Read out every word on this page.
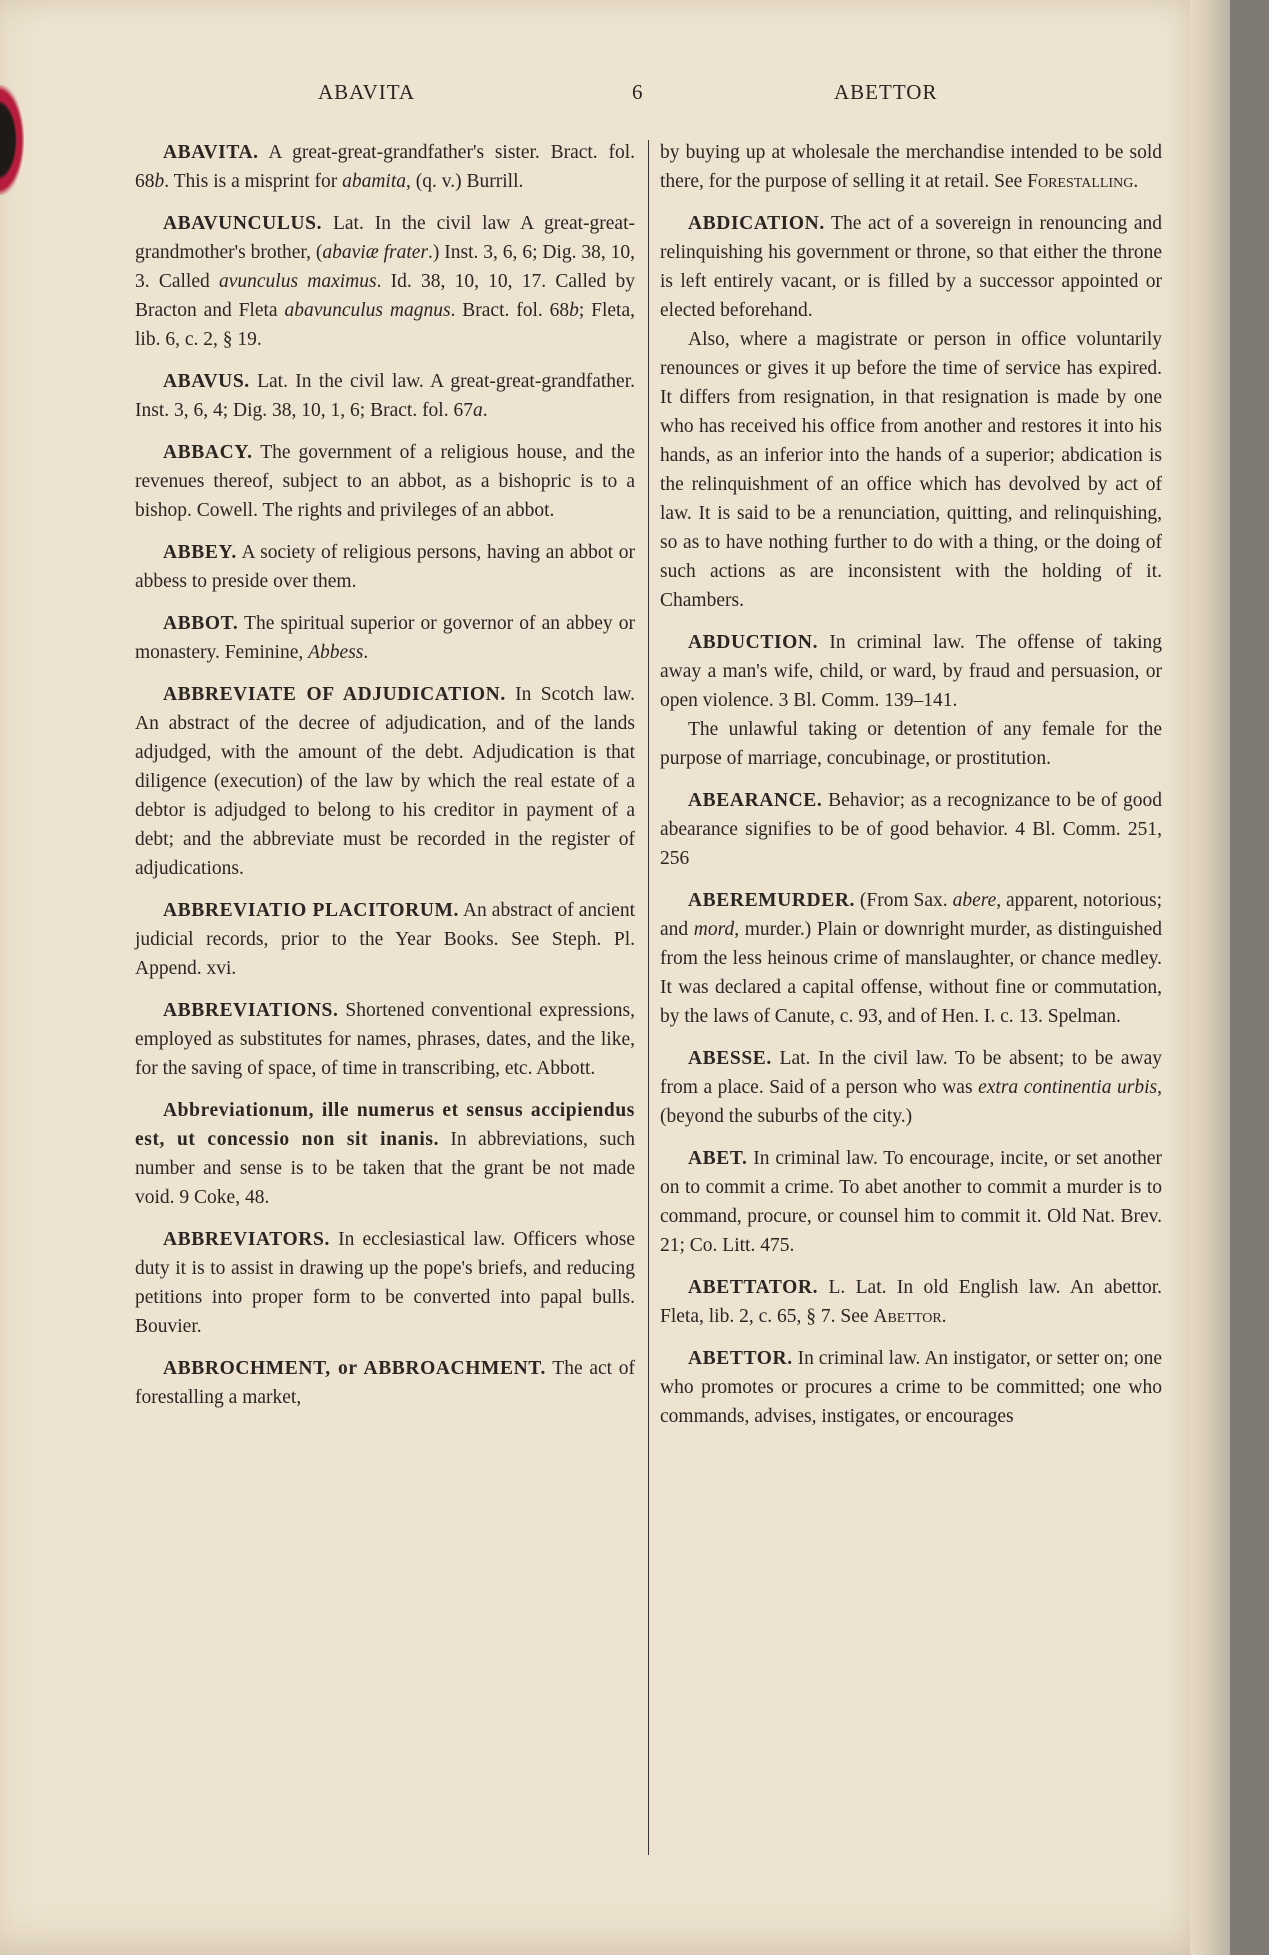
ABAVITA	6	ABETTOR

ABAVITA. A great-great-grandfather's sister. Bract. fol. 68b. This is a misprint for abamita, (q. v.) Burrill.

ABAVUNCULUS. Lat. In the civil law A great-great-grandmother's brother, (abaviæ frater.) Inst. 3, 6, 6; Dig. 38, 10, 3. Called avunculus maximus. Id. 38, 10, 10, 17. Called by Bracton and Fleta abavunculus magnus. Bract. fol. 68b; Fleta, lib. 6, c. 2, § 19.

ABAVUS. Lat. In the civil law. A great-great-grandfather. Inst. 3, 6, 4; Dig. 38, 10, 1, 6; Bract. fol. 67a.

ABBACY. The government of a religious house, and the revenues thereof, subject to an abbot, as a bishopric is to a bishop. Cowell. The rights and privileges of an abbot.

ABBEY. A society of religious persons, having an abbot or abbess to preside over them.

ABBOT. The spiritual superior or governor of an abbey or monastery. Feminine, Abbess.

ABBREVIATE OF ADJUDICATION. In Scotch law. An abstract of the decree of adjudication, and of the lands adjudged, with the amount of the debt. Adjudication is that diligence (execution) of the law by which the real estate of a debtor is adjudged to belong to his creditor in payment of a debt; and the abbreviate must be recorded in the register of adjudications.

ABBREVIATIO PLACITORUM. An abstract of ancient judicial records, prior to the Year Books. See Steph. Pl. Append. xvi.

ABBREVIATIONS. Shortened conventional expressions, employed as substitutes for names, phrases, dates, and the like, for the saving of space, of time in transcribing, etc. Abbott.

Abbreviationum, ille numerus et sensus accipiendus est, ut concessio non sit inanis. In abbreviations, such number and sense is to be taken that the grant be not made void. 9 Coke, 48.

ABBREVIATORS. In ecclesiastical law. Officers whose duty it is to assist in drawing up the pope's briefs, and reducing petitions into proper form to be converted into papal bulls. Bouvier.

ABBROCHMENT, or ABBROACHMENT. The act of forestalling a market,

by buying up at wholesale the merchandise intended to be sold there, for the purpose of selling it at retail. See Forestalling.

ABDICATION. The act of a sovereign in renouncing and relinquishing his government or throne, so that either the throne is left entirely vacant, or is filled by a successor appointed or elected beforehand.

Also, where a magistrate or person in office voluntarily renounces or gives it up before the time of service has expired. It differs from resignation, in that resignation is made by one who has received his office from another and restores it into his hands, as an inferior into the hands of a superior; abdication is the relinquishment of an office which has devolved by act of law. It is said to be a renunciation, quitting, and relinquishing, so as to have nothing further to do with a thing, or the doing of such actions as are inconsistent with the holding of it. Chambers.

ABDUCTION. In criminal law. The offense of taking away a man's wife, child, or ward, by fraud and persuasion, or open violence. 3 Bl. Comm. 139–141.

The unlawful taking or detention of any female for the purpose of marriage, concubinage, or prostitution.

ABEARANCE. Behavior; as a recognizance to be of good abearance signifies to be of good behavior. 4 Bl. Comm. 251, 256

ABEREMURDER. (From Sax. abere, apparent, notorious; and mord, murder.) Plain or downright murder, as distinguished from the less heinous crime of manslaughter, or chance medley. It was declared a capital offense, without fine or commutation, by the laws of Canute, c. 93, and of Hen. I. c. 13. Spelman.

ABESSE. Lat. In the civil law. To be absent; to be away from a place. Said of a person who was extra continentia urbis, (beyond the suburbs of the city.)

ABET. In criminal law. To encourage, incite, or set another on to commit a crime. To abet another to commit a murder is to command, procure, or counsel him to commit it. Old Nat. Brev. 21; Co. Litt. 475.

ABETTATOR. L. Lat. In old English law. An abettor. Fleta, lib. 2, c. 65, § 7. See Abettor.

ABETTOR. In criminal law. An instigator, or setter on; one who promotes or procures a crime to be committed; one who commands, advises, instigates, or encourages
